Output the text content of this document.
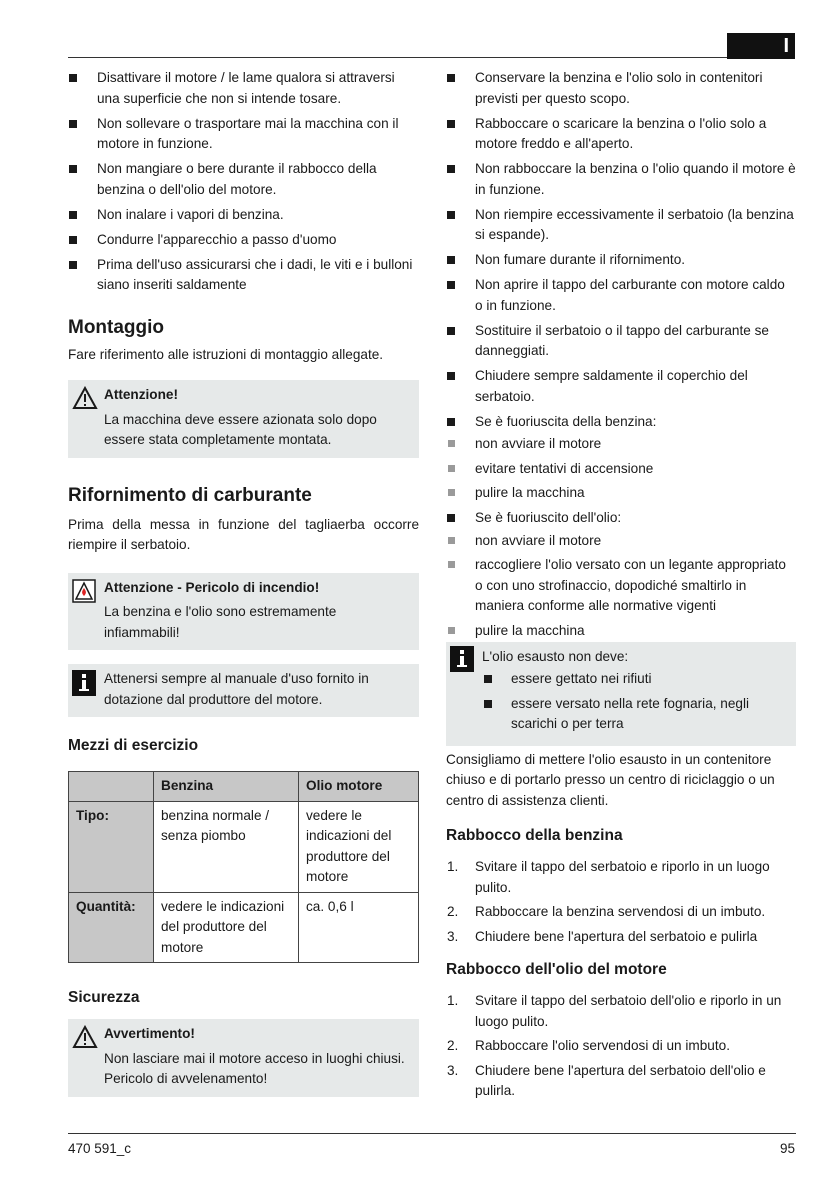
I
Disattivare il motore / le lame qualora si attraversi una superficie che non si intende tosare.
Non sollevare o trasportare mai la macchina con il motore in funzione.
Non mangiare o bere durante il rabbocco della benzina o dell'olio del motore.
Non inalare i vapori di benzina.
Condurre l'apparecchio a passo d'uomo
Prima dell'uso assicurarsi che i dadi, le viti e i bulloni siano inseriti saldamente
Montaggio

Fare riferimento alle istruzioni di montaggio allegate.

Attenzione!
La macchina deve essere azionata solo dopo essere stata completamente montata.
Rifornimento di carburante

Prima della messa in funzione del tagliaerba occorre riempire il serbatoio.

Attenzione - Pericolo di incendio!
La benzina e l'olio sono estremamente infiammabili!
Attenersi sempre al manuale d'uso fornito in dotazione dal produttore del motore.
Mezzi di esercizio
	Benzina	Olio motore
Tipo:	benzina normale / senza piombo	vedere le indicazioni del produttore del motore
Quantità:	vedere le indicazioni del produttore del motore	ca. 0,6 l
Sicurezza
Avvertimento!
Non lasciare mai il motore acceso in luoghi chiusi. Pericolo di avvelenamento!
Conservare la benzina e l'olio solo in contenitori previsti per questo scopo.
Rabboccare o scaricare la benzina o l'olio solo a motore freddo e all'aperto.
Non rabboccare la benzina o l'olio quando il motore è in funzione.
Non riempire eccessivamente il serbatoio (la benzina si espande).
Non fumare durante il rifornimento.
Non aprire il tappo del carburante con motore caldo o in funzione.
Sostituire il serbatoio o il tappo del carburante se danneggiati.
Chiudere sempre saldamente il coperchio del serbatoio.
Se è fuoriuscita della benzina:
non avviare il motore
evitare tentativi di accensione
pulire la macchina
Se è fuoriuscito dell'olio:
non avviare il motore
raccogliere l'olio versato con un legante appropriato o con uno strofinaccio, dopodiché smaltirlo in maniera conforme alle normative vigenti
pulire la macchina
L'olio esausto non deve:
essere gettato nei rifiuti
essere versato nella rete fognaria, negli scarichi o per terra

Consigliamo di mettere l'olio esausto in un contenitore chiuso e di portarlo presso un centro di riciclaggio o un centro di assistenza clienti.

Rabbocco della benzina
1. Svitare il tappo del serbatoio e riporlo in un luogo pulito.
2. Rabboccare la benzina servendosi di un imbuto.
3. Chiudere bene l'apertura del serbatoio e pulirla
Rabbocco dell'olio del motore
1. Svitare il tappo del serbatoio dell'olio e riporlo in un luogo pulito.
2. Rabboccare l'olio servendosi di un imbuto.
3. Chiudere bene l'apertura del serbatoio dell'olio e pulirla.
470 591_c	95
